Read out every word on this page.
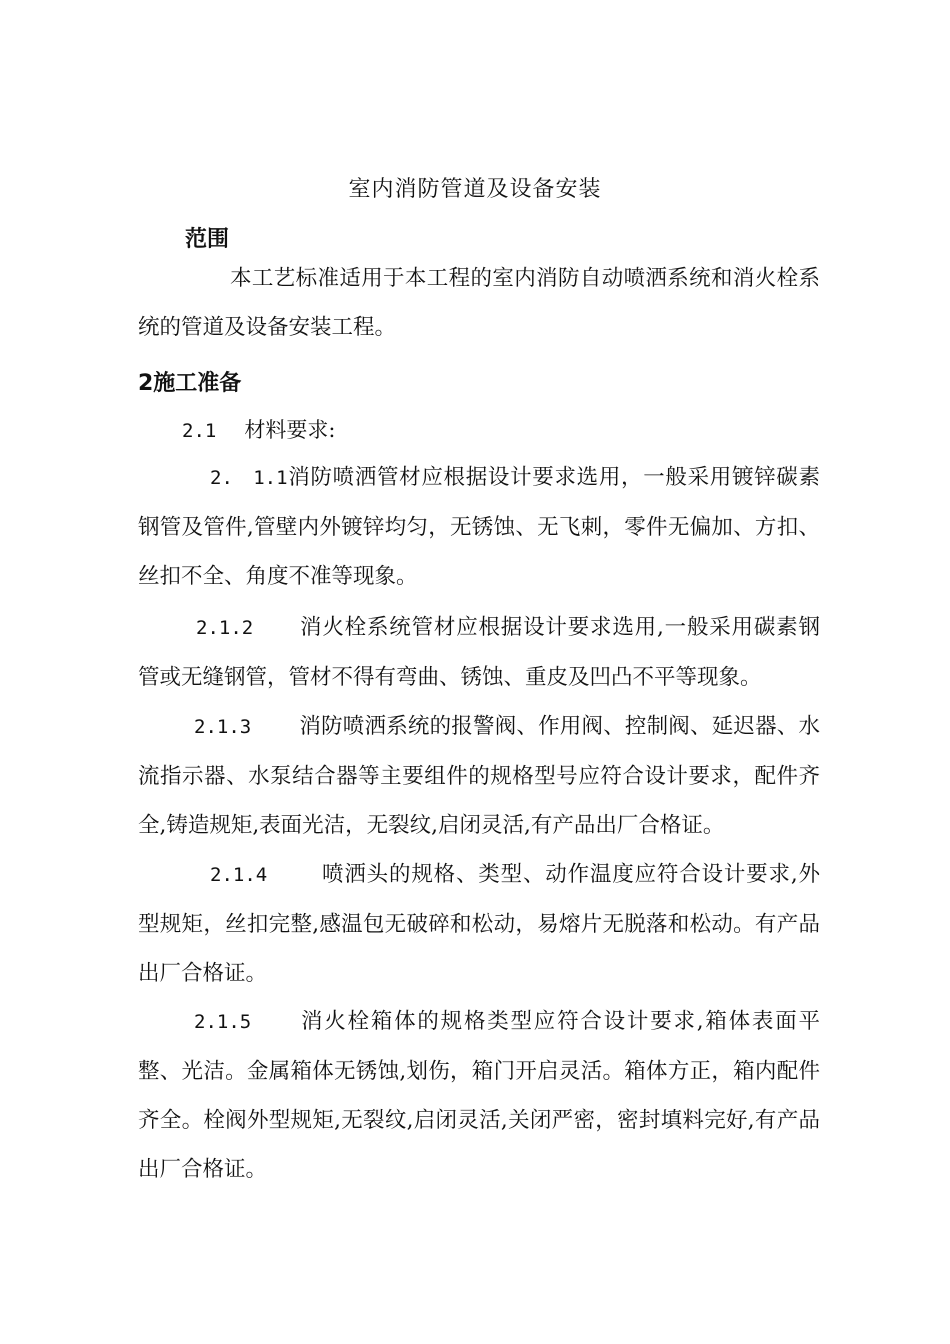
室内消防管道及设备安装
范围
本工艺标准适用于本工程的室内消防自动喷洒系统和消火栓系统的管道及设备安装工程。
2施工准备
2.1 材料要求:
2.　1.1消防喷洒管材应根据设计要求选用，一般采用镀锌碳素钢管及管件,管壁内外镀锌均匀，无锈蚀、无飞刺，零件无偏加、方扣、丝扣不全、角度不准等现象。
2.1.2 消火栓系统管材应根据设计要求选用,一般采用碳素钢管或无缝钢管，管材不得有弯曲、锈蚀、重皮及凹凸不平等现象。
2.1.3 消防喷洒系统的报警阀、作用阀、控制阀、延迟器、水流指示器、水泵结合器等主要组件的规格型号应符合设计要求，配件齐全,铸造规矩,表面光洁，无裂纹,启闭灵活,有产品出厂合格证。
2.1.4	喷洒头的规格、类型、动作温度应符合设计要求,外型规矩，丝扣完整,感温包无破碎和松动，易熔片无脱落和松动。有产品出厂合格证。
2.1.5 消火栓箱体的规格类型应符合设计要求,箱体表面平整、光洁。金属箱体无锈蚀,划伤，箱门开启灵活。箱体方正，箱内配件齐全。栓阀外型规矩,无裂纹,启闭灵活,关闭严密，密封填料完好,有产品出厂合格证。
